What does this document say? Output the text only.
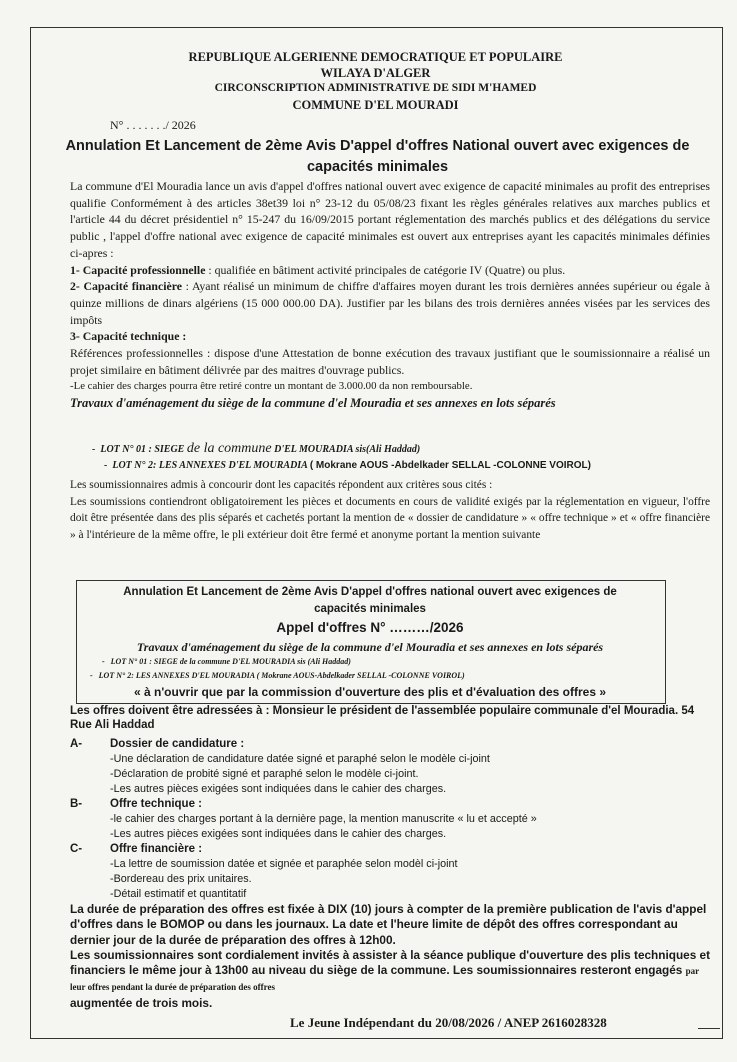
REPUBLIQUE ALGERIENNE DEMOCRATIQUE ET POPULAIRE
WILAYA D'ALGER
CIRCONSCRIPTION ADMINISTRATIVE DE SIDI M'HAMED
COMMUNE D'EL MOURADI
N° . . . . . . ./ 2026
Annulation Et Lancement de 2ème Avis D'appel d'offres National ouvert avec exigences de
capacités minimales

La commune d'El Mouradia lance un avis d'appel d'offres national ouvert avec exigence de capacité minimales au profit des entreprises qualifie Conformément à des articles 38et39 loi n° 23-12 du 05/08/23 fixant les règles générales relatives aux marches publics et l'article 44 du décret présidentiel n° 15-247 du 16/09/2015 portant réglementation des marchés publics et des délégations du service public , l'appel d'offre national avec exigence de capacité minimales est ouvert aux entreprises ayant les capacités minimales définies ci-apres :

1- Capacité professionnelle : qualifiée en bâtiment activité principales de catégorie IV (Quatre) ou plus.

2- Capacité financière : Ayant réalisé un minimum de chiffre d'affaires moyen durant les trois dernières années supérieur ou égale à quinze millions de dinars algériens (15 000 000.00 DA). Justifier par les bilans des trois dernières années visées par les services des impôts

3- Capacité technique :

Références professionnelles : dispose d'une Attestation de bonne exécution des travaux justifiant que le soumissionnaire a réalisé un projet similaire en bâtiment délivrée par des maitres d'ouvrage publics.

-Le cahier des charges pourra être retiré contre un montant de 3.000.00 da non remboursable.

Travaux d'aménagement du siège de la commune d'el Mouradia et ses annexes en lots séparés

-  LOT N° 01 : SIEGE de la commune D'EL MOURADIA sis(Ali Haddad)
-  LOT N° 2: LES ANNEXES D'EL MOURADIA ( Mokrane AOUS -Abdelkader SELLAL -COLONNE VOIROL)

Les soumissionnaires admis à concourir dont les capacités répondent aux critères sous cités :

Les soumissions contiendront obligatoirement les pièces et documents en cours de validité exigés par la réglementation en vigueur, l'offre doit être présentée dans des plis séparés et cachetés portant la mention de « dossier de candidature » « offre technique » et « offre financière » à l'intérieure de la même offre, le pli extérieur doit être fermé et anonyme portant la mention suivante

Annulation Et Lancement de 2ème Avis D'appel d'offres national ouvert avec exigences de
capacités minimales
Appel d'offres N° ………/2026
Travaux d'aménagement du siège de la commune d'el Mouradia et ses annexes en lots séparés
-   LOT N° 01 : SIEGE de la commune D'EL MOURADIA sis (Ali Haddad)
-   LOT N° 2: LES ANNEXES D'EL MOURADIA ( Mokrane AOUS-Abdelkader SELLAL -COLONNE VOIROL)
« à n'ouvrir que par la commission d'ouverture des plis et d'évaluation des offres »
Les offres doivent être adressées à : Monsieur le président de l'assemblée populaire communale d'el Mouradia. 54 Rue Ali Haddad
A- Dossier de candidature :
-Une déclaration de candidature datée signé et paraphé selon le modèle ci-joint
-Déclaration de probité signé et paraphé selon le modèle ci-joint.
-Les autres pièces exigées sont indiquées dans le cahier des charges.
B- Offre technique :
-le cahier des charges portant à la dernière page, la mention manuscrite « lu et accepté »
-Les autres pièces exigées sont indiquées dans le cahier des charges.
C- Offre financière :
-La lettre de soumission datée et signée et paraphée selon modèl ci-joint
-Bordereau des prix unitaires.
-Détail estimatif et quantitatif

La durée de préparation des offres est fixée à DIX (10) jours à compter de la première publication de l'avis d'appel d'offres dans le BOMOP ou dans les journaux. La date et l'heure limite de dépôt des offres correspondant au dernier jour de la durée de préparation des offres à 12h00.

Les soumissionnaires sont cordialement invités à assister à la séance publique d'ouverture des plis techniques et financiers le même jour à 13h00 au niveau du siège de la commune. Les soumissionnaires resteront engagés par leur offres pendant la durée de préparation des offres
augmentée de trois mois.

Le Jeune Indépendant du 20/08/2026 / ANEP 2616028328
